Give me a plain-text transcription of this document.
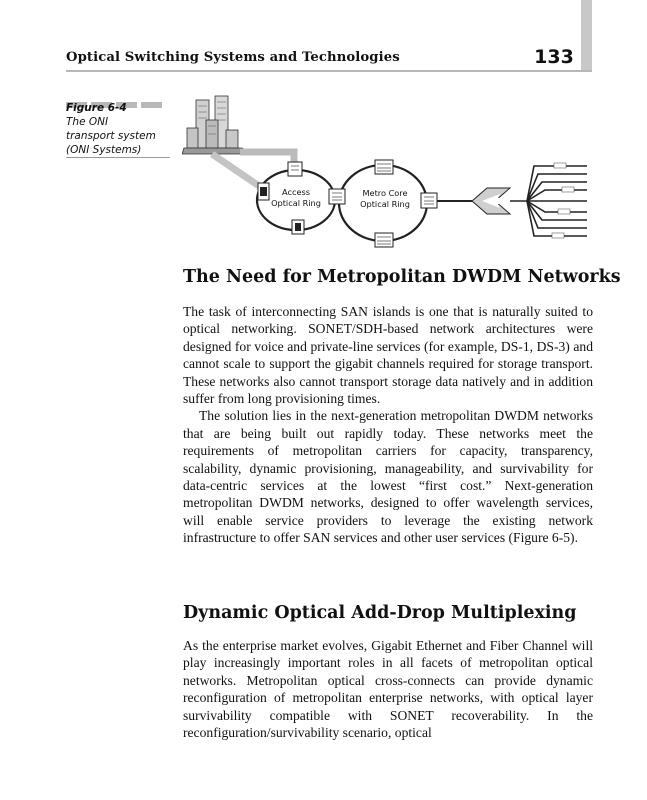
Optical Switching Systems and Technologies	133
Figure 6-4
The ONI
transport system
(ONI Systems)
Access
Optical Ring
Metro Core
Optical Ring
The Need for Metropolitan DWDM Networks

The task of interconnecting SAN islands is one that is naturally suited to optical networking. SONET/SDH-based network architectures were designed for voice and private-line services (for example, DS-1, DS-3) and cannot scale to support the gigabit channels required for storage transport. These networks also cannot transport storage data natively and in addition suffer from long provisioning times.

The solution lies in the next-generation metropolitan DWDM networks that are being built out rapidly today. These networks meet the requirements of metropolitan carriers for capacity, transparency, scalability, dynamic provisioning, manageability, and survivability for data-centric services at the lowest “first cost.” Next-generation metropolitan DWDM networks, designed to offer wavelength services, will enable service providers to leverage the existing network infrastructure to offer SAN services and other user services (Figure 6-5).

Dynamic Optical Add-Drop Multiplexing

As the enterprise market evolves, Gigabit Ethernet and Fiber Channel will play increasingly important roles in all facets of metropolitan optical networks. Metropolitan optical cross-connects can provide dynamic reconfiguration of metropolitan enterprise networks, with optical layer survivability compatible with SONET recoverability. In the reconfiguration/survivability scenario, optical
